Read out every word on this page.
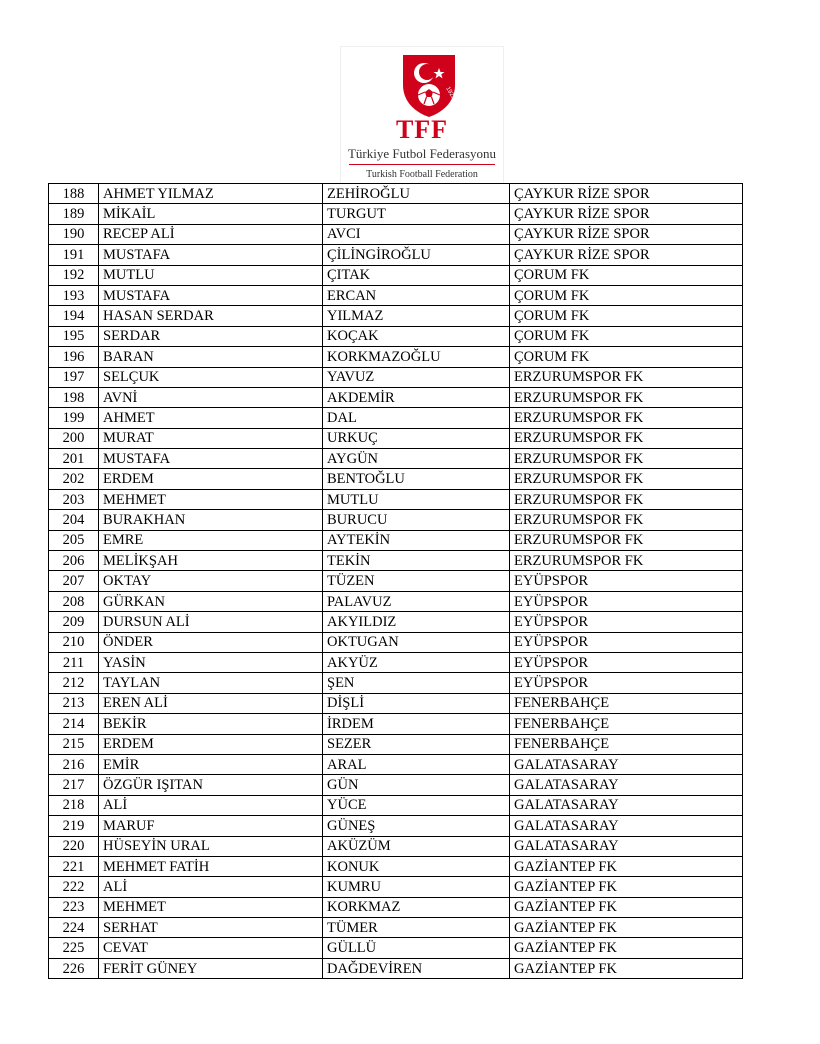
1923
TFF
Türkiye Futbol Federasyonu
Turkish Football Federation
188	AHMET YILMAZ	ZEHİROĞLU	ÇAYKUR RİZE SPOR
189	MİKAİL	TURGUT	ÇAYKUR RİZE SPOR
190	RECEP ALİ	AVCI	ÇAYKUR RİZE SPOR
191	MUSTAFA	ÇİLİNGİROĞLU	ÇAYKUR RİZE SPOR
192	MUTLU	ÇITAK	ÇORUM FK
193	MUSTAFA	ERCAN	ÇORUM FK
194	HASAN SERDAR	YILMAZ	ÇORUM FK
195	SERDAR	KOÇAK	ÇORUM FK
196	BARAN	KORKMAZOĞLU	ÇORUM FK
197	SELÇUK	YAVUZ	ERZURUMSPOR FK
198	AVNİ	AKDEMİR	ERZURUMSPOR FK
199	AHMET	DAL	ERZURUMSPOR FK
200	MURAT	URKUÇ	ERZURUMSPOR FK
201	MUSTAFA	AYGÜN	ERZURUMSPOR FK
202	ERDEM	BENTOĞLU	ERZURUMSPOR FK
203	MEHMET	MUTLU	ERZURUMSPOR FK
204	BURAKHAN	BURUCU	ERZURUMSPOR FK
205	EMRE	AYTEKİN	ERZURUMSPOR FK
206	MELİKŞAH	TEKİN	ERZURUMSPOR FK
207	OKTAY	TÜZEN	EYÜPSPOR
208	GÜRKAN	PALAVUZ	EYÜPSPOR
209	DURSUN ALİ	AKYILDIZ	EYÜPSPOR
210	ÖNDER	OKTUGAN	EYÜPSPOR
211	YASİN	AKYÜZ	EYÜPSPOR
212	TAYLAN	ŞEN	EYÜPSPOR
213	EREN ALİ	DİŞLİ	FENERBAHÇE
214	BEKİR	İRDEM	FENERBAHÇE
215	ERDEM	SEZER	FENERBAHÇE
216	EMİR	ARAL	GALATASARAY
217	ÖZGÜR IŞITAN	GÜN	GALATASARAY
218	ALİ	YÜCE	GALATASARAY
219	MARUF	GÜNEŞ	GALATASARAY
220	HÜSEYİN URAL	AKÜZÜM	GALATASARAY
221	MEHMET FATİH	KONUK	GAZİANTEP FK
222	ALİ	KUMRU	GAZİANTEP FK
223	MEHMET	KORKMAZ	GAZİANTEP FK
224	SERHAT	TÜMER	GAZİANTEP FK
225	CEVAT	GÜLLÜ	GAZİANTEP FK
226	FERİT GÜNEY	DAĞDEVİREN	GAZİANTEP FK
